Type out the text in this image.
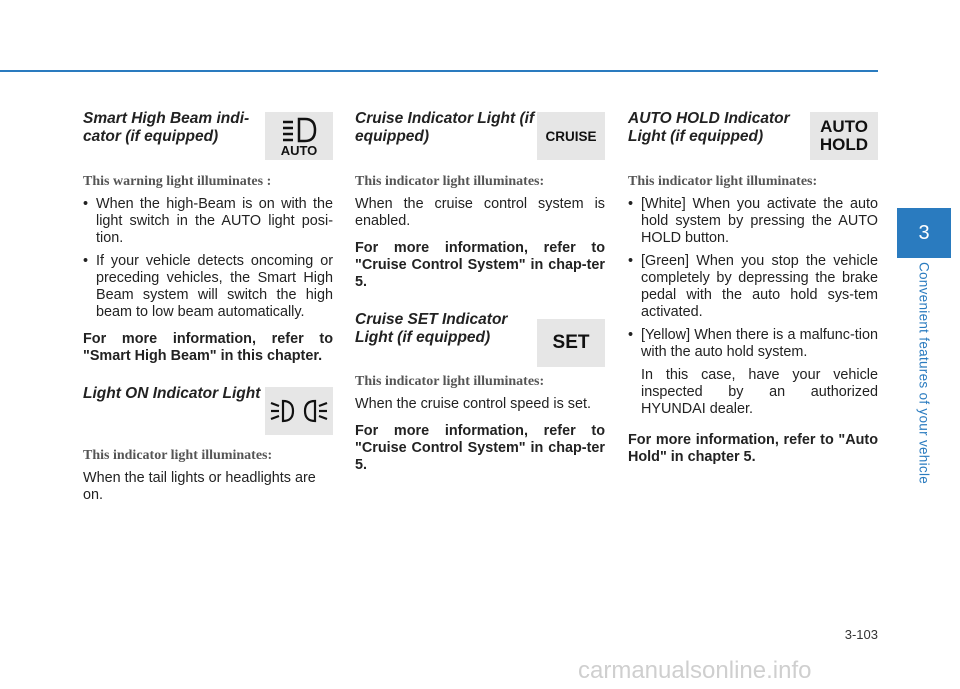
Smart High Beam indi-cator (if equipped)
AUTO

This warning light illuminates :

• When the high-Beam is on with the light switch in the AUTO light posi-tion.
• If your vehicle detects oncoming or preceding vehicles, the Smart High Beam system will switch the high beam to low beam automatically.

For more information, refer to "Smart High Beam" in this chapter.

Light ON Indicator Light

This indicator light illuminates:

When the tail lights or headlights are on.

Cruise Indicator Light (if equipped)	CRUISE

This indicator light illuminates:

When the cruise control system is enabled.

For more information, refer to "Cruise Control System" in chap-ter 5.

Cruise SET Indicator Light (if equipped)	SET

This indicator light illuminates:

When the cruise control speed is set.

For more information, refer to "Cruise Control System" in chap-ter 5.

AUTO HOLD Indicator Light (if equipped)
AUTO
HOLD

This indicator light illuminates:

• [White] When you activate the auto hold system by pressing the AUTO HOLD button.
• [Green] When you stop the vehicle completely by depressing the brake pedal with the auto hold sys-tem activated.
• [Yellow] When there is a malfunc-tion with the auto hold system.

In this case, have your vehicle inspected by an authorized HYUNDAI dealer.

For more information, refer to "Auto Hold" in chapter 5.

3
Convenient features of your vehicle
3-103
carmanualsonline.info
